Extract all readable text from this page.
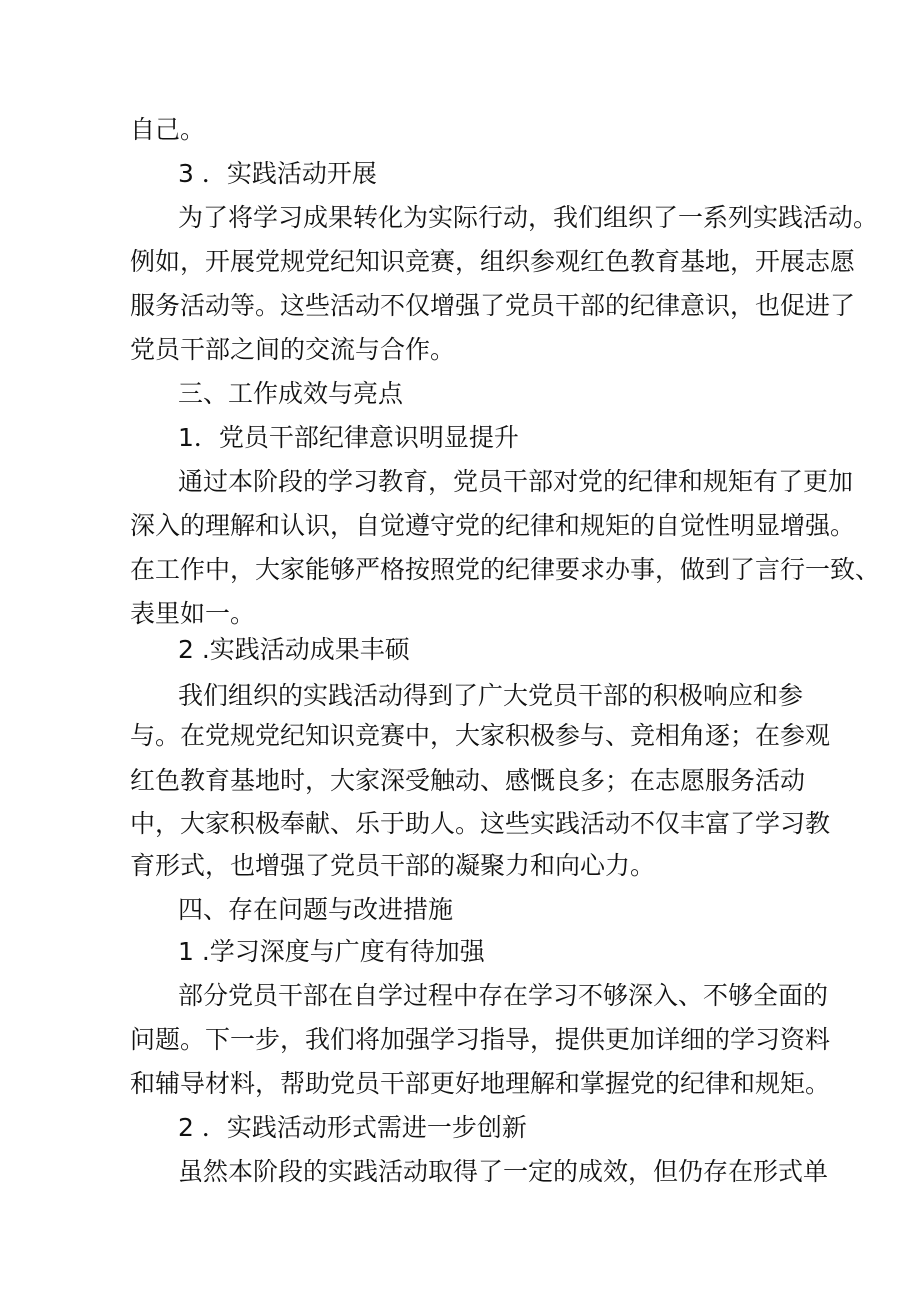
自己。
3 ．实践活动开展
为了将学习成果转化为实际行动，我们组织了一系列实践活动。
例如，开展党规党纪知识竞赛，组织参观红色教育基地，开展志愿
服务活动等。这些活动不仅增强了党员干部的纪律意识，也促进了
党员干部之间的交流与合作。
三、工作成效与亮点
1．党员干部纪律意识明显提升
通过本阶段的学习教育，党员干部对党的纪律和规矩有了更加
深入的理解和认识，自觉遵守党的纪律和规矩的自觉性明显增强。
在工作中，大家能够严格按照党的纪律要求办事，做到了言行一致、
表里如一。
2 .实践活动成果丰硕
我们组织的实践活动得到了广大党员干部的积极响应和参
与。在党规党纪知识竞赛中，大家积极参与、竞相角逐；在参观
红色教育基地时，大家深受触动、感慨良多；在志愿服务活动
中，大家积极奉献、乐于助人。这些实践活动不仅丰富了学习教
育形式，也增强了党员干部的凝聚力和向心力。
四、存在问题与改进措施
1 .学习深度与广度有待加强
部分党员干部在自学过程中存在学习不够深入、不够全面的
问题。下一步，我们将加强学习指导，提供更加详细的学习资料
和辅导材料，帮助党员干部更好地理解和掌握党的纪律和规矩。
2 ．实践活动形式需进一步创新
虽然本阶段的实践活动取得了一定的成效，但仍存在形式单
